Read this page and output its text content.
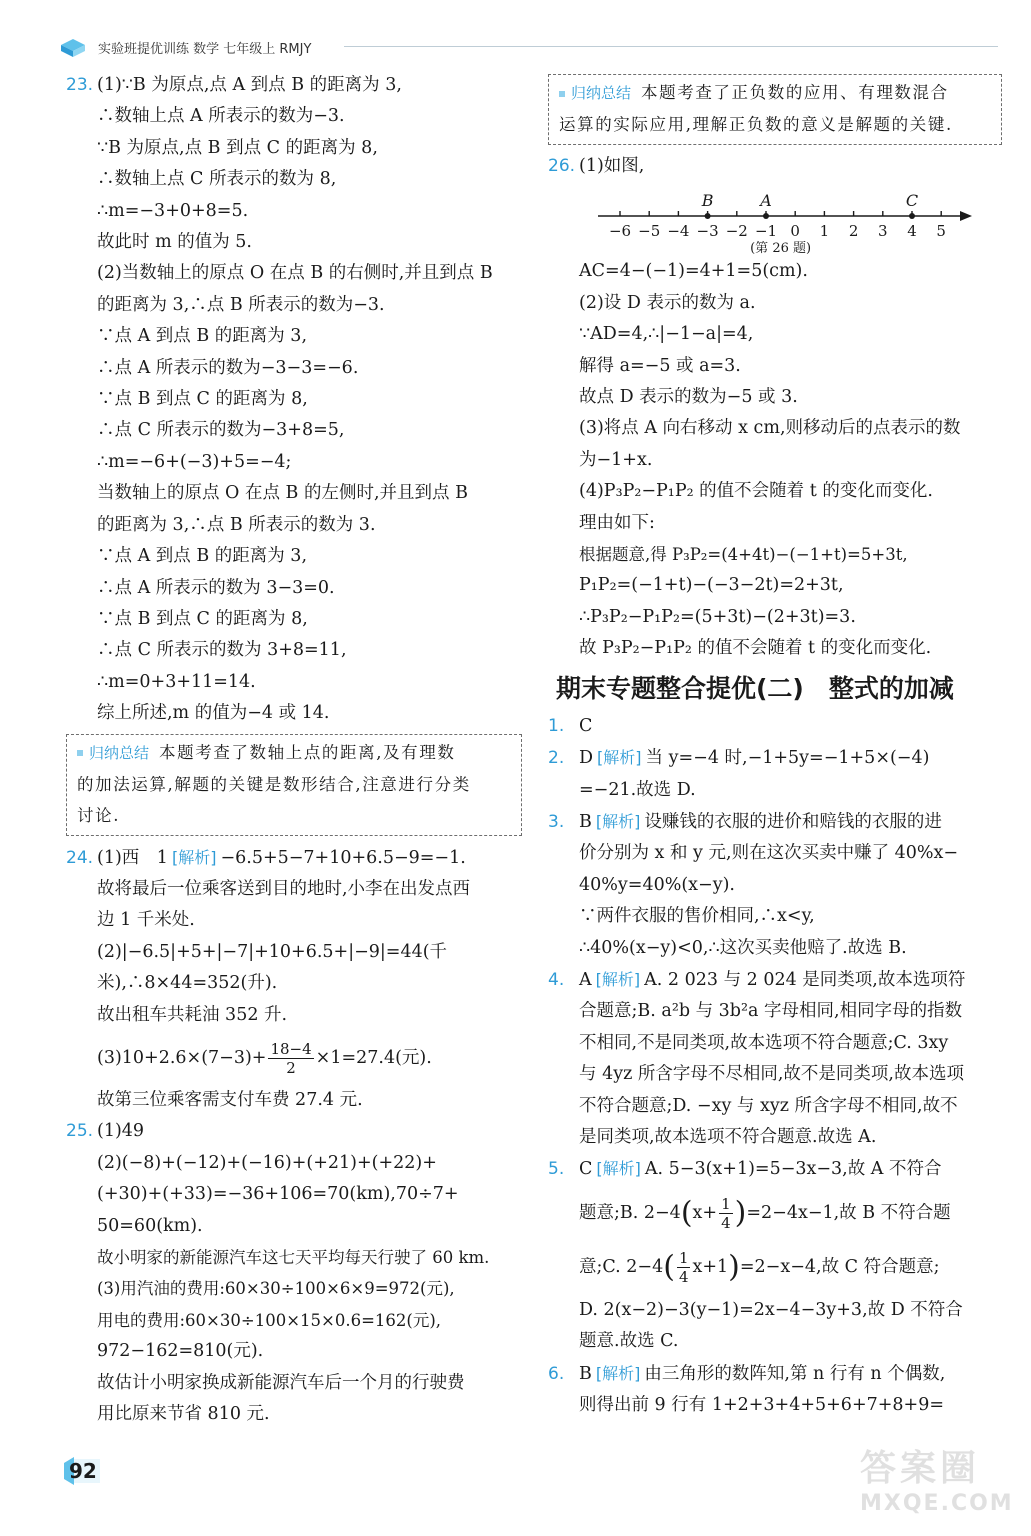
实验班提优训练 数学 七年级上 RMJY
23. (1)∵B 为原点,点 A 到点 B 的距离为 3,
∴数轴上点 A 所表示的数为−3.
∵B 为原点,点 B 到点 C 的距离为 8,
∴数轴上点 C 所表示的数为 8,
∴m=−3+0+8=5.
故此时 m 的值为 5.
(2)当数轴上的原点 O 在点 B 的右侧时,并且到点 B
的距离为 3,∴点 B 所表示的数为−3.
∵点 A 到点 B 的距离为 3,
∴点 A 所表示的数为−3−3=−6.
∵点 B 到点 C 的距离为 8,
∴点 C 所表示的数为−3+8=5,
∴m=−6+(−3)+5=−4;
当数轴上的原点 O 在点 B 的左侧时,并且到点 B
的距离为 3,∴点 B 所表示的数为 3.
∵点 A 到点 B 的距离为 3,
∴点 A 所表示的数为 3−3=0.
∵点 B 到点 C 的距离为 8,
∴点 C 所表示的数为 3+8=11,
∴m=0+3+11=14.
综上所述,m 的值为−4 或 14.
归纳总结 本题考查了数轴上点的距离,及有理数
的加法运算,解题的关键是数形结合,注意进行分类
讨论.
24. (1)西　1 [ 解析 ] −6.5+5−7+10+6.5−9=−1.
故将最后一位乘客送到目的地时,小李在出发点西
边 1 千米处.
(2)|−6.5|+5+|−7|+10+6.5+|−9|=44(千
米),∴8×44=352(升).
故出租车共耗油 352 升.
$(3)10+2.6\times(7-3)+ \frac{18-4}{2} \times 1=27.4$(元).
故第三位乘客需支付车费 27.4 元.
25. (1)49
(2)(−8)+(−12)+(−16)+(+21)+(+22)+
(+30)+(+33)=−36+106=70(km),70÷7+
50=60(km).
故小明家的新能源汽车这七天平均每天行驶了 60 km.
(3)用汽油的费用:60×30÷100×6×9=972(元),
用电的费用:60×30÷100×15×0.6=162(元),
972−162=810(元).
故估计小明家换成新能源汽车后一个月的行驶费
用比原来节省 810 元.
归纳总结 本题考查了正负数的应用、有理数混合
运算的实际应用,理解正负数的意义是解题的关键.
26. (1)如图,
−6 −5 −4 −3 −2 −1 0 1 2 3 4 5
B	A	C
(第 26 题)
AC=4−(−1)=4+1=5(cm).
(2)设 D 表示的数为 a.
∵AD=4,∴|−1−a|=4,
解得 a=−5 或 a=3.
故点 D 表示的数为−5 或 3.
(3)将点 A 向右移动 x cm,则移动后的点表示的数
为−1+x.
(4)P₃P₂−P₁P₂ 的值不会随着 t 的变化而变化.
理由如下:
根据题意,得 P₃P₂=(4+4t)−(−1+t)=5+3t,
P₁P₂=(−1+t)−(−3−2t)=2+3t,
∴P₃P₂−P₁P₂=(5+3t)−(2+3t)=3.
故 P₃P₂−P₁P₂ 的值不会随着 t 的变化而变化.
期末专题整合提优(二)　整式的加减
1. C
2. D [ 解析 ] 当 y=−4 时,−1+5y=−1+5×(−4)
=−21.故选 D.
3. B [ 解析 ] 设赚钱的衣服的进价和赔钱的衣服的进
价分别为 x 和 y 元,则在这次买卖中赚了 40%x−
40%y=40%(x−y).
∵两件衣服的售价相同,∴x<y,
∴40%(x−y)<0,∴这次买卖他赔了.故选 B.
4. A [ 解析 ] A. 2 023 与 2 024 是同类项,故本选项符
合题意;B. a²b 与 3b²a 字母相同,相同字母的指数
不相同,不是同类项,故本选项不符合题意;C. 3xy
与 4yz 所含字母不尽相同,故不是同类项,故本选项
不符合题意;D. −xy 与 xyz 所含字母不相同,故不
是同类项,故本选项不符合题意.故选 A.
5. C [ 解析 ] A. 5−3(x+1)=5−3x−3,故 A 不符合
题意;B. $2-4(x+ \frac{1}{4} )=2-4x-1$,故 B 不符合题
意;C. $2-4( \frac{1}{4} x+1)=2-x-4$,故 C 符合题意;
D. 2(x−2)−3(y−1)=2x−4−3y+3,故 D 不符合
题意.故选 C.
6. B [ 解析 ] 由三角形的数阵知,第 n 行有 n 个偶数,
则得出前 9 行有 1+2+3+4+5+6+7+8+9=
92	答案圈
MXQE.COM
